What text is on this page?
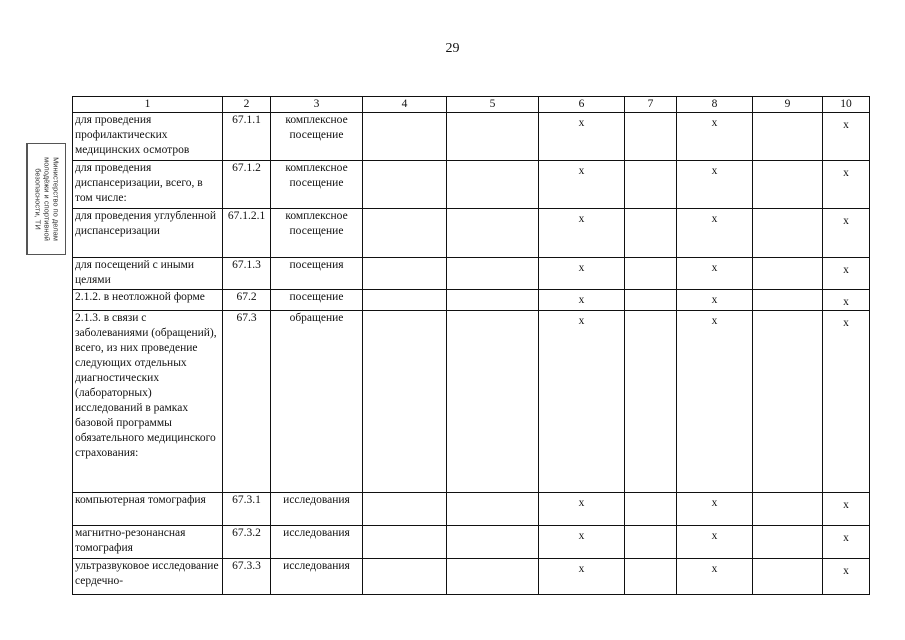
29
Министерство по делам
молодёжи и спортивной
безопасности, ТИ
1	2	3	4	5	6	7	8	9	10
для проведения профилактических медицинских осмотров	67.1.1	комплексное посещение			x		x		x
для проведения диспансеризации, всего, в том числе:	67.1.2	комплексное посещение			x		x		x
для проведения углубленной диспансеризации	67.1.2.1	комплексное посещение			x		x		x
для посещений с иными целями	67.1.3	посещения			x		x		x
2.1.2. в неотложной форме	67.2	посещение			x		x		x
2.1.3. в связи с заболеваниями (обращений), всего, из них проведение следующих отдельных диагностических (лабораторных) исследований в рамках базовой программы обязательного медицинского страхования:	67.3	обращение			x		x		x
компьютерная томография	67.3.1	исследования			x		x		x
магнитно-резонансная томография	67.3.2	исследования			x		x		x
ультразвуковое исследование сердечно-	67.3.3	исследования			x		x		x
